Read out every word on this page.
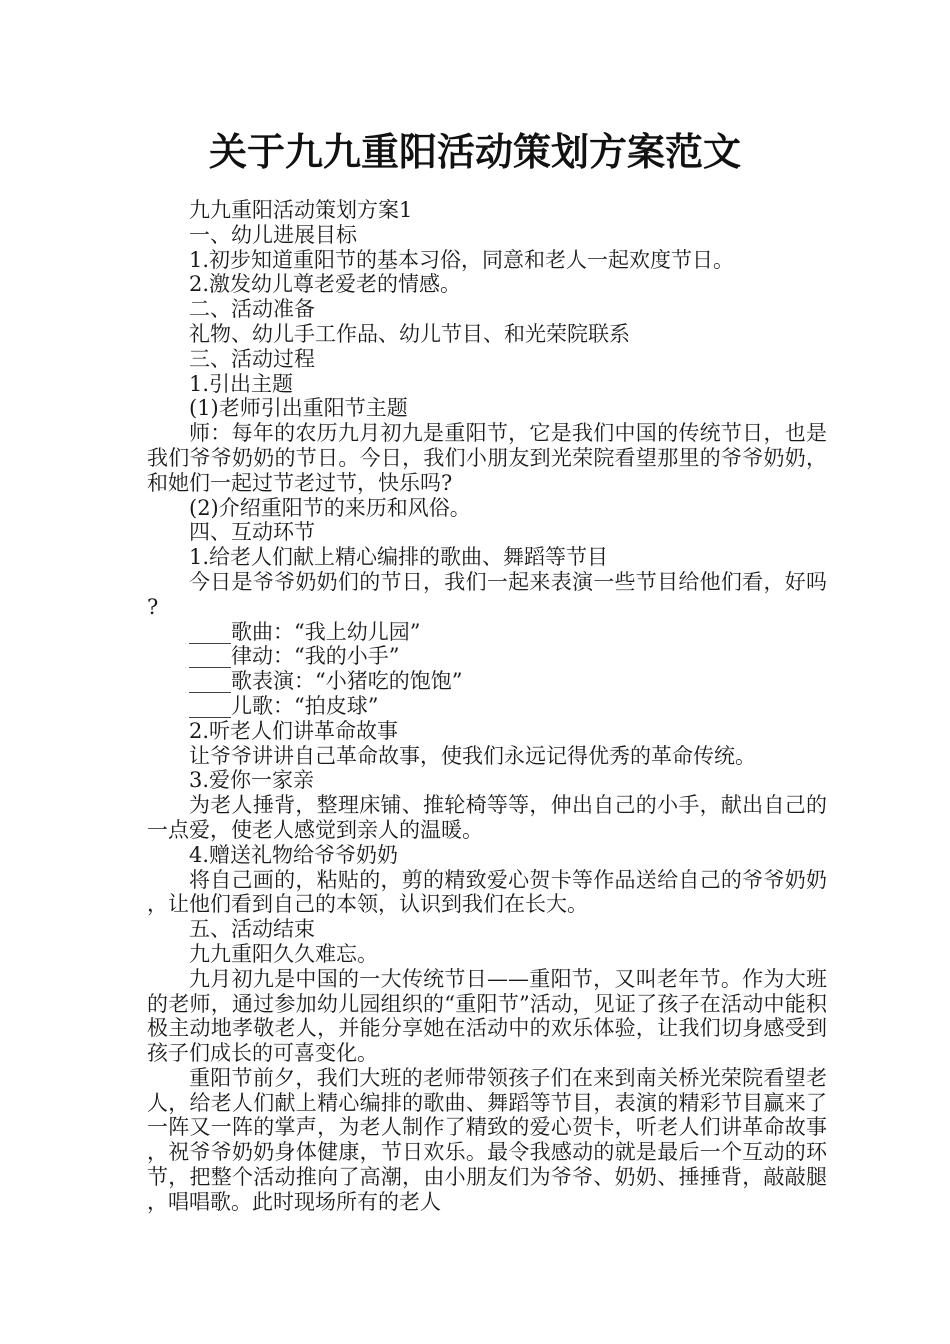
关于九九重阳活动策划方案范文

九九重阳活动策划方案1

一、幼儿进展目标

1.初步知道重阳节的基本习俗，同意和老人一起欢度节日。

2.激发幼儿尊老爱老的情感。

二、活动准备

礼物、幼儿手工作品、幼儿节目、和光荣院联系

三、活动过程

1.引出主题

(1)老师引出重阳节主题

师：每年的农历九月初九是重阳节，它是我们中国的传统节日，也是我们爷爷奶奶的节日。今日，我们小朋友到光荣院看望那里的爷爷奶奶，和她们一起过节老过节，快乐吗?

(2)介绍重阳节的来历和风俗。

四、互动环节

1.给老人们献上精心编排的歌曲、舞蹈等节目

今日是爷爷奶奶们的节日，我们一起来表演一些节目给他们看，好吗?

____歌曲：“我上幼儿园”

____律动：“我的小手”

____歌表演：“小猪吃的饱饱”

____儿歌：“拍皮球”

2.听老人们讲革命故事

让爷爷讲讲自己革命故事，使我们永远记得优秀的革命传统。

3.爱你一家亲

为老人捶背，整理床铺、推轮椅等等，伸出自己的小手，献出自己的一点爱，使老人感觉到亲人的温暖。

4.赠送礼物给爷爷奶奶

将自己画的，粘贴的，剪的精致爱心贺卡等作品送给自己的爷爷奶奶，让他们看到自己的本领，认识到我们在长大。

五、活动结束

九九重阳久久难忘。

九月初九是中国的一大传统节日——重阳节，又叫老年节。作为大班的老师，通过参加幼儿园组织的“重阳节”活动，见证了孩子在活动中能积极主动地孝敬老人，并能分享她在活动中的欢乐体验，让我们切身感受到孩子们成长的可喜变化。

重阳节前夕，我们大班的老师带领孩子们在来到南关桥光荣院看望老人，给老人们献上精心编排的歌曲、舞蹈等节目，表演的精彩节目赢来了一阵又一阵的掌声，为老人制作了精致的爱心贺卡，听老人们讲革命故事，祝爷爷奶奶身体健康，节日欢乐。最令我感动的就是最后一个互动的环节，把整个活动推向了高潮，由小朋友们为爷爷、奶奶、捶捶背，敲敲腿，唱唱歌。此时现场所有的老人
